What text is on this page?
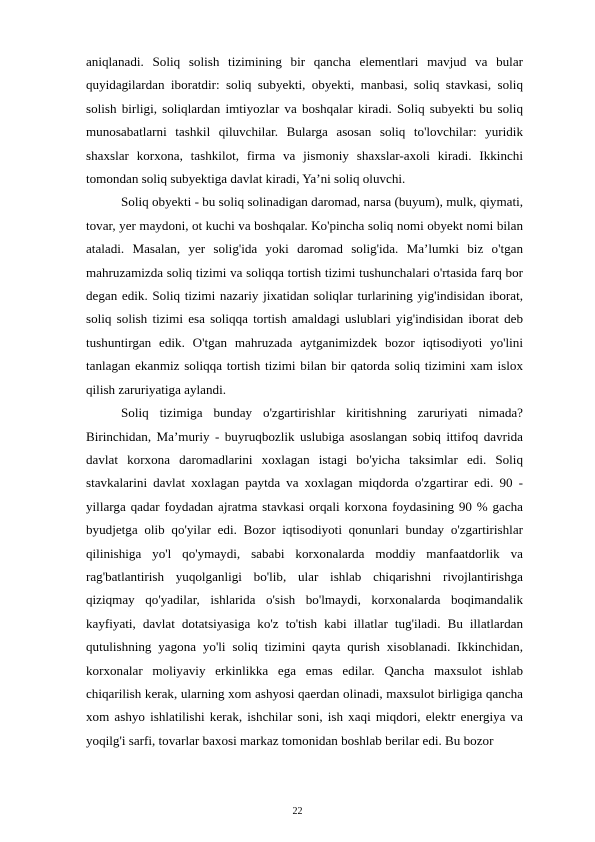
aniqlanadi. Soliq solish tizimining bir qancha elementlari mavjud va bular quyidagilardan iboratdir: soliq subyekti, obyekti, manbasi, soliq stavkasi, soliq solish birligi, soliqlardan imtiyozlar va boshqalar kiradi. Soliq subyekti bu soliq munosabatlarni tashkil qiluvchilar. Bularga asosan soliq to'lovchilar: yuridik shaxslar korxona, tashkilot, firma va jismoniy shaxslar-axoli kiradi. Ikkinchi tomondan soliq subyektiga davlat kiradi, Ya’ni soliq oluvchi.

Soliq obyekti - bu soliq solinadigan daromad, narsa (buyum), mulk, qiymati, tovar, yer maydoni, ot kuchi va boshqalar. Ko'pincha soliq nomi obyekt nomi bilan ataladi. Masalan, yer solig'ida yoki daromad solig'ida. Ma’lumki biz o'tgan mahruzamizda soliq tizimi va soliqqa tortish tizimi tushunchalari o'rtasida farq bor degan edik. Soliq tizimi nazariy jixatidan soliqlar turlarining yig'indisidan iborat, soliq solish tizimi esa soliqqa tortish amaldagi uslublari yig'indisidan iborat deb tushuntirgan edik. O'tgan mahruzada aytganimizdek bozor iqtisodiyoti yo'lini tanlagan ekanmiz soliqqa tortish tizimi bilan bir qatorda soliq tizimini xam islox qilish zaruriyatiga aylandi.

Soliq tizimiga bunday o'zgartirishlar kiritishning zaruriyati nimada? Birinchidan, Ma’muriy - buyruqbozlik uslubiga asoslangan sobiq ittifoq davrida davlat korxona daromadlarini xoxlagan istagi bo'yicha taksimlar edi. Soliq stavkalarini davlat xoxlagan paytda va xoxlagan miqdorda o'zgartirar edi. 90 - yillarga qadar foydadan ajratma stavkasi orqali korxona foydasining 90 % gacha byudjetga olib qo'yilar edi. Bozor iqtisodiyoti qonunlari bunday o'zgartirishlar qilinishiga yo'l qo'ymaydi, sababi korxonalarda moddiy manfaatdorlik va rag'batlantirish yuqolganligi bo'lib, ular ishlab chiqarishni rivojlantirishga qiziqmay qo'yadilar, ishlarida o'sish bo'lmaydi, korxonalarda boqimandalik kayfiyati, davlat dotatsiyasiga ko'z to'tish kabi illatlar tug'iladi. Bu illatlardan qutulishning yagona yo'li soliq tizimini qayta qurish xisoblanadi. Ikkinchidan, korxonalar moliyaviy erkinlikka ega emas edilar. Qancha maxsulot ishlab chiqarilish kerak, ularning xom ashyosi qaerdan olinadi, maxsulot birligiga qancha xom ashyo ishlatilishi kerak, ishchilar soni, ish xaqi miqdori, elektr energiya va yoqilg'i sarfi, tovarlar baxosi markaz tomonidan boshlab berilar edi. Bu bozor

22
